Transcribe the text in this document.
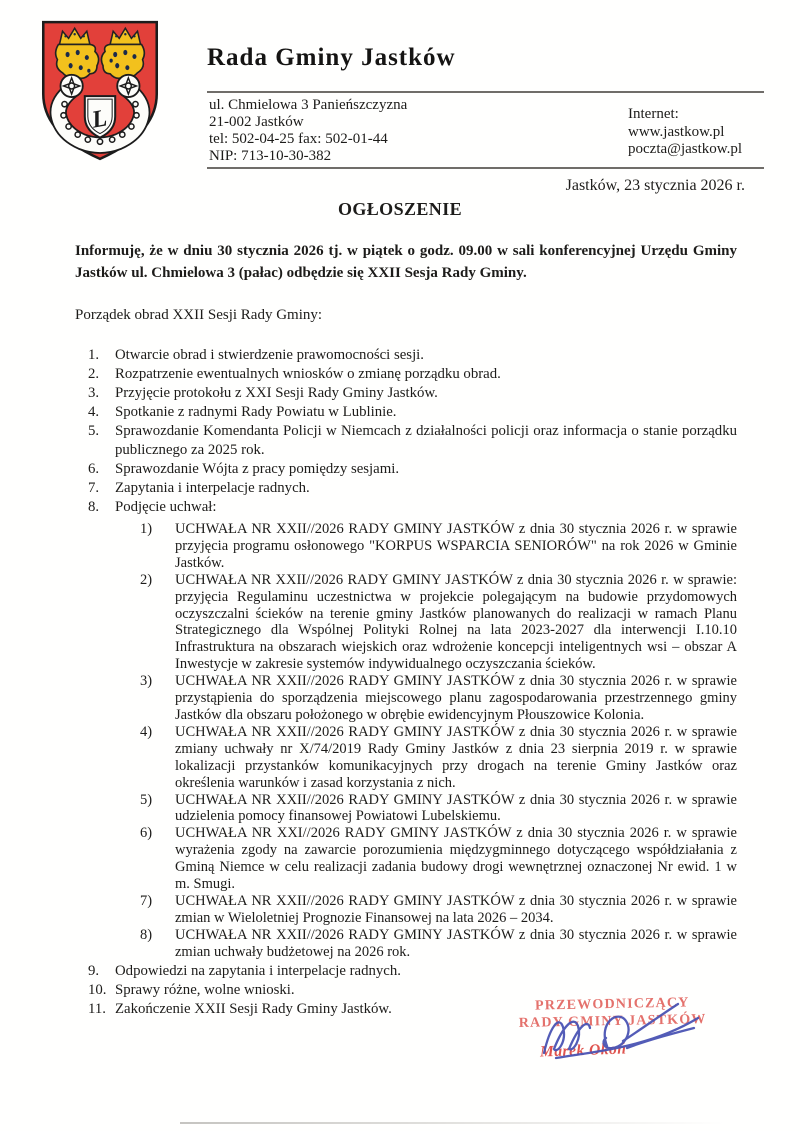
L
Rada Gminy Jastków
ul. Chmielowa 3 Panieńszczyzna
21-002 Jastków
tel: 502-04-25 fax: 502-01-44
NIP: 713-10-30-382
Internet:
www.jastkow.pl
poczta@jastkow.pl
Jastków, 23 stycznia 2026 r.
OGŁOSZENIE
Informuję, że w dniu 30 stycznia 2026 tj. w piątek o godz. 09.00 w sali konferencyjnej Urzędu Gminy Jastków ul. Chmielowa 3 (pałac) odbędzie się XXII Sesja Rady Gminy.
Porządek obrad XXII Sesji Rady Gminy:
1.	Otwarcie obrad i stwierdzenie prawomocności sesji.
2.	Rozpatrzenie ewentualnych wniosków o zmianę porządku obrad.
3.	Przyjęcie protokołu z XXI Sesji Rady Gminy Jastków.
4.	Spotkanie z radnymi Rady Powiatu w Lublinie.
5.	Sprawozdanie Komendanta Policji w Niemcach z działalności policji oraz informacja o stanie porządku publicznego za 2025 rok.
6.	Sprawozdanie Wójta z pracy pomiędzy sesjami.
7.	Zapytania i interpelacje radnych.
8.	Podjęcie uchwał:
1)	UCHWAŁA NR XXII//2026 RADY GMINY JASTKÓW z dnia 30 stycznia 2026 r. w sprawie przyjęcia programu osłonowego "KORPUS WSPARCIA SENIORÓW" na rok 2026 w Gminie Jastków.
2)	UCHWAŁA NR XXII//2026 RADY GMINY JASTKÓW z dnia 30 stycznia 2026 r. w sprawie: przyjęcia Regulaminu uczestnictwa w projekcie polegającym na budowie przydomowych oczyszczalni ścieków na terenie gminy Jastków planowanych do realizacji w ramach Planu Strategicznego dla Wspólnej Polityki Rolnej na lata 2023-2027 dla interwencji I.10.10 Infrastruktura na obszarach wiejskich oraz wdrożenie koncepcji inteligentnych wsi – obszar A Inwestycje w zakresie systemów indywidualnego oczyszczania ścieków.
3)	UCHWAŁA NR XXII//2026 RADY GMINY JASTKÓW z dnia 30 stycznia 2026 r. w sprawie przystąpienia do sporządzenia miejscowego planu zagospodarowania przestrzennego gminy Jastków dla obszaru położonego w obrębie ewidencyjnym Płouszowice Kolonia.
4)	UCHWAŁA NR XXII//2026 RADY GMINY JASTKÓW z dnia 30 stycznia 2026 r. w sprawie zmiany uchwały nr X/74/2019 Rady Gminy Jastków z dnia 23 sierpnia 2019 r. w sprawie lokalizacji przystanków komunikacyjnych przy drogach na terenie Gminy Jastków oraz określenia warunków i zasad korzystania z nich.
5)	UCHWAŁA NR XXII//2026 RADY GMINY JASTKÓW z dnia 30 stycznia 2026 r. w sprawie udzielenia pomocy finansowej Powiatowi Lubelskiemu.
6)	UCHWAŁA NR XXI//2026 RADY GMINY JASTKÓW z dnia 30 stycznia 2026 r. w sprawie wyrażenia zgody na zawarcie porozumienia międzygminnego dotyczącego współdziałania z Gminą Niemce w celu realizacji zadania budowy drogi wewnętrznej oznaczonej Nr ewid. 1 w m. Smugi.
7)	UCHWAŁA NR XXII//2026 RADY GMINY JASTKÓW z dnia 30 stycznia 2026 r. w sprawie zmian w Wieloletniej Prognozie Finansowej na lata 2026 – 2034.
8)	UCHWAŁA NR XXII//2026 RADY GMINY JASTKÓW z dnia 30 stycznia 2026 r. w sprawie zmian uchwały budżetowej na 2026 rok.
9.	Odpowiedzi na zapytania i interpelacje radnych.
10. Sprawy różne, wolne wnioski.
11. Zakończenie XXII Sesji Rady Gminy Jastków.	PRZEWODNICZĄCY
RADY GMINY JASTKÓW
Marek Okoń
